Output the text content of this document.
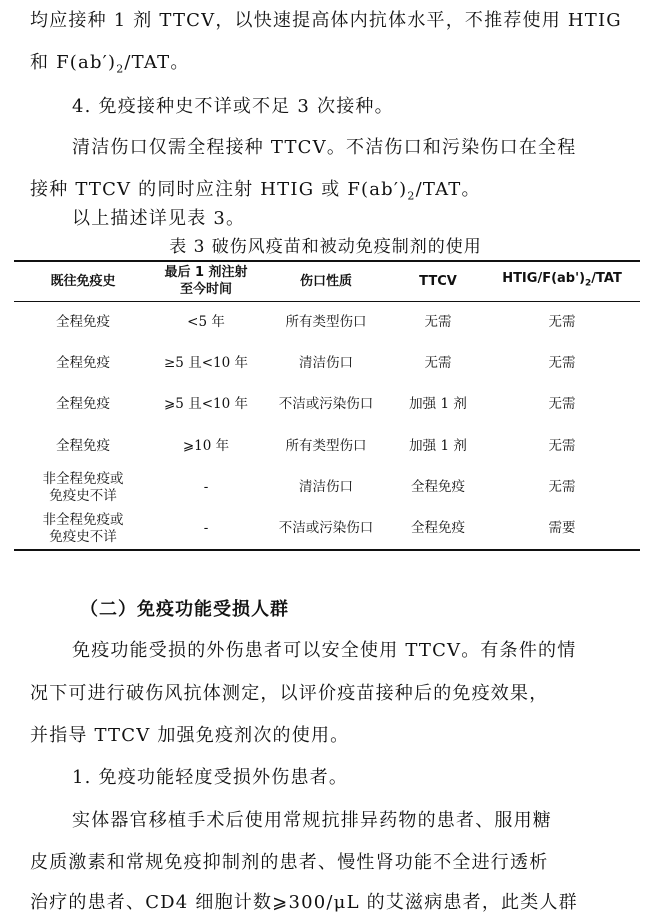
均应接种 1 剂 TTCV，以快速提高体内抗体水平，不推荐使用 HTIG
和 $F(ab')_2$/TAT。
4. 免疫接种史不详或不足 3 次接种。
清洁伤口仅需全程接种 TTCV。不洁伤口和污染伤口在全程
接种 TTCV 的同时应注射 HTIG 或 $F(ab')_2$/TAT。
以上描述详见表 3。
表 3 破伤风疫苗和被动免疫制剂的使用
既往免疫史	最后 1 剂注射
至今时间	伤口性质	TTCV	HTIG/$F(ab')_2$/TAT

全程免疫	<5 年	所有类型伤口	无需	无需

全程免疫	≥5 且<10 年	清洁伤口	无需	无需

全程免疫	⩾5 且<10 年	不洁或污染伤口	加强 1 剂	无需

全程免疫	⩾10 年	所有类型伤口	加强 1 剂	无需

非全程免疫或
免疫史不详	-	清洁伤口	全程免疫	无需

非全程免疫或
免疫史不详	-	不洁或污染伤口	全程免疫	需要
（二）免疫功能受损人群
免疫功能受损的外伤患者可以安全使用 TTCV。有条件的情
况下可进行破伤风抗体测定，以评价疫苗接种后的免疫效果，
并指导 TTCV 加强免疫剂次的使用。
1. 免疫功能轻度受损外伤患者。
实体器官移植手术后使用常规抗排异药物的患者、服用糖
皮质激素和常规免疫抑制剂的患者、慢性肾功能不全进行透析
治疗的患者、CD4 细胞计数⩾300/μL 的艾滋病患者，此类人群
